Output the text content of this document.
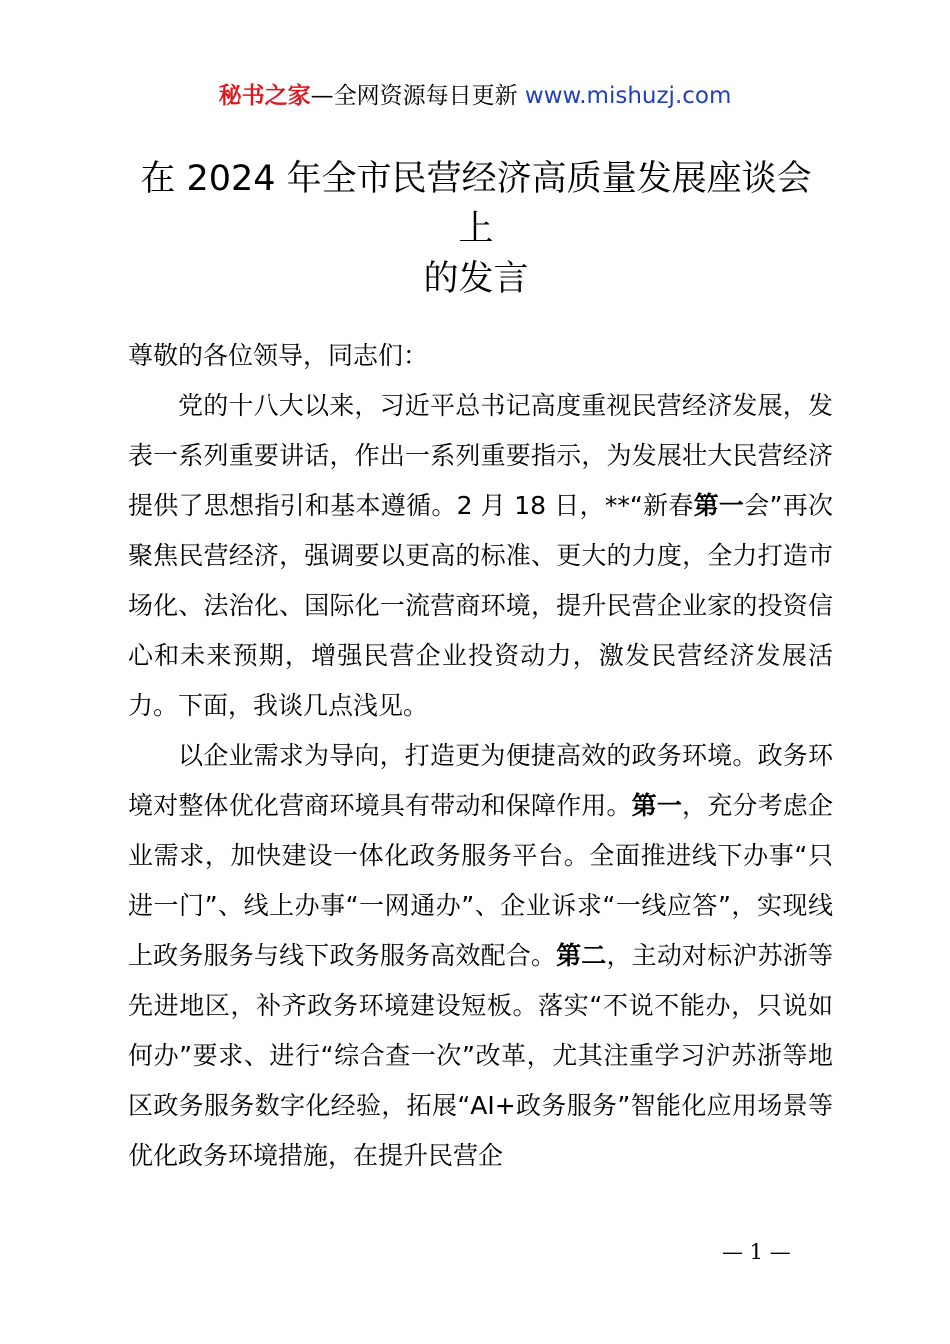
秘书之家—全网资源每日更新 www.mishuzj.com
在 2024 年全市民营经济高质量发展座谈会上
的发言

尊敬的各位领导，同志们：

党的十八大以来，习近平总书记高度重视民营经济发展，发表一系列重要讲话，作出一系列重要指示，为发展壮大民营经济提供了思想指引和基本遵循。2 月 18 日，**“新春第一会”再次聚焦民营经济，强调要以更高的标准、更大的力度，全力打造市场化、法治化、国际化一流营商环境，提升民营企业家的投资信心和未来预期，增强民营企业投资动力，激发民营经济发展活力。下面，我谈几点浅见。

以企业需求为导向，打造更为便捷高效的政务环境。政务环境对整体优化营商环境具有带动和保障作用。第一，充分考虑企业需求，加快建设一体化政务服务平台。全面推进线下办事“只进一门”、线上办事“一网通办”、企业诉求“一线应答”，实现线上政务服务与线下政务服务高效配合。第二，主动对标沪苏浙等先进地区，补齐政务环境建设短板。落实“不说不能办，只说如何办”要求、进行“综合查一次”改革，尤其注重学习沪苏浙等地区政务服务数字化经验，拓展“AI+政务服务”智能化应用场景等优化政务环境措施，在提升民营企

— 1 —
